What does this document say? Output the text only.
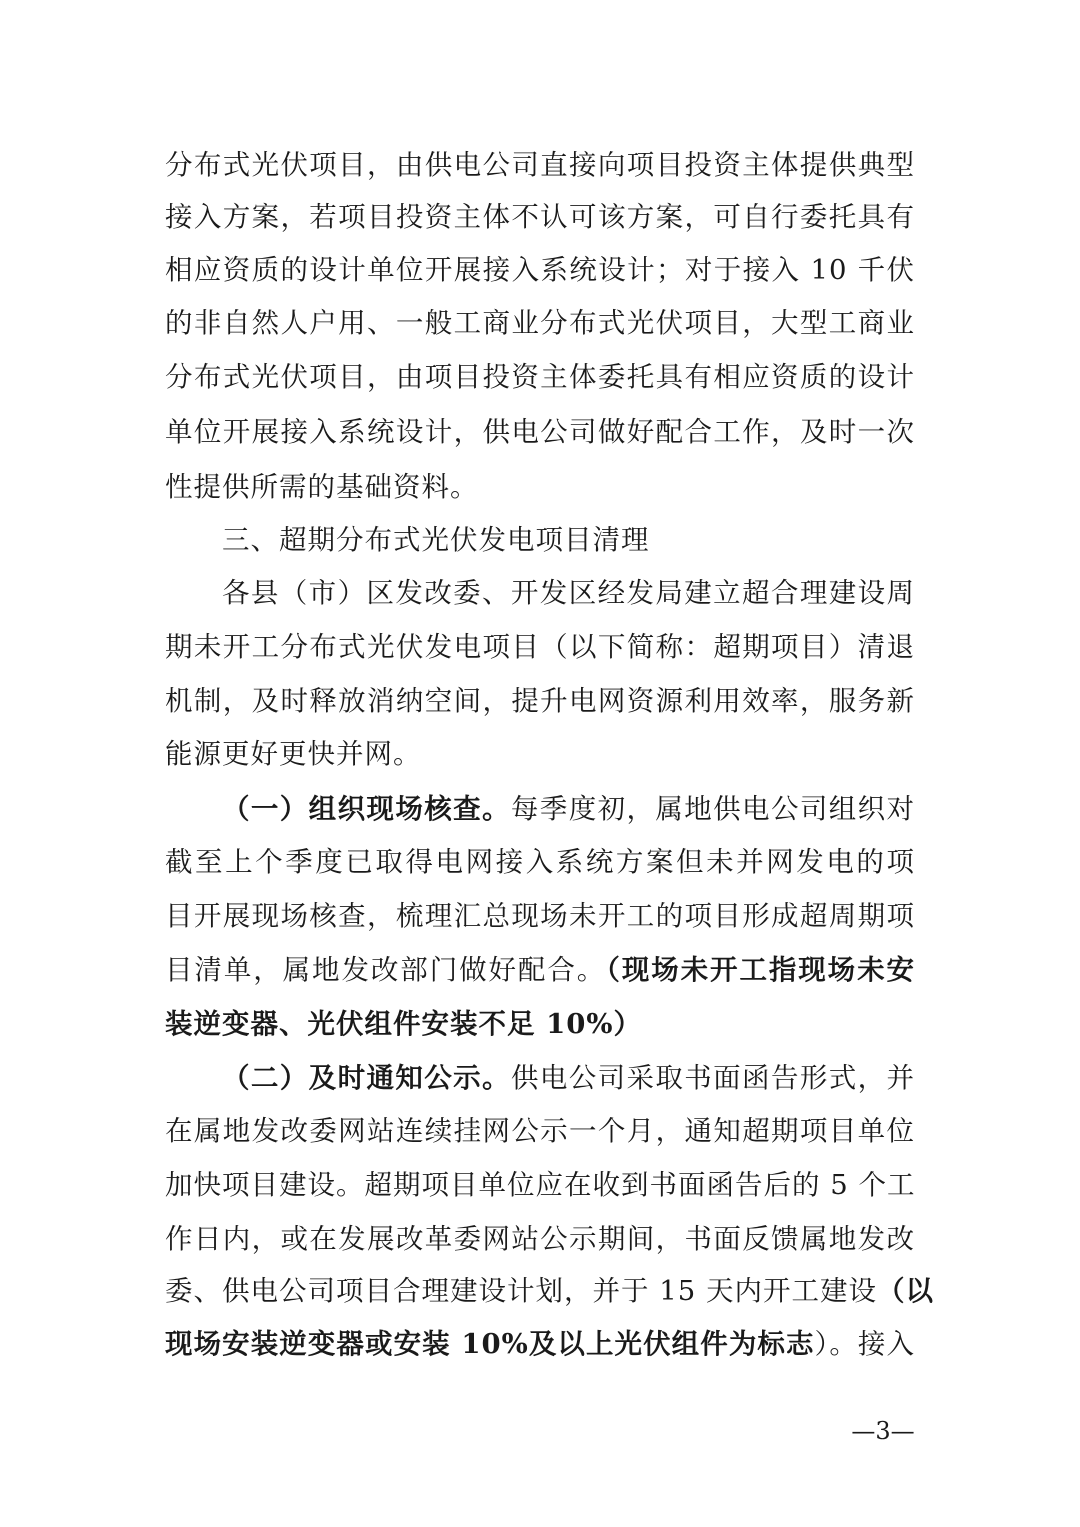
分布式光伏项目，由供电公司直接向项目投资主体提供典型
接入方案，若项目投资主体不认可该方案，可自行委托具有
相应资质的设计单位开展接入系统设计；对于接入 10 千伏
的非自然人户用、一般工商业分布式光伏项目，大型工商业
分布式光伏项目，由项目投资主体委托具有相应资质的设计
单位开展接入系统设计，供电公司做好配合工作，及时一次
性提供所需的基础资料。
三、超期分布式光伏发电项目清理
各县（市）区发改委、开发区经发局建立超合理建设周
期未开工分布式光伏发电项目（以下简称：超期项目）清退
机制，及时释放消纳空间，提升电网资源利用效率，服务新
能源更好更快并网。
（一）组织现场核查。每季度初，属地供电公司组织对
截至上个季度已取得电网接入系统方案但未并网发电的项
目开展现场核查，梳理汇总现场未开工的项目形成超周期项
目清单，属地发改部门做好配合。（现场未开工指现场未安
装逆变器、光伏组件安装不足 10%）
（二）及时通知公示。供电公司采取书面函告形式，并
在属地发改委网站连续挂网公示一个月，通知超期项目单位
加快项目建设。超期项目单位应在收到书面函告后的 5 个工
作日内，或在发展改革委网站公示期间，书面反馈属地发改
委、供电公司项目合理建设计划，并于 15 天内开工建设（以
现场安装逆变器或安装 10%及以上光伏组件为标志）。接入
—3—
